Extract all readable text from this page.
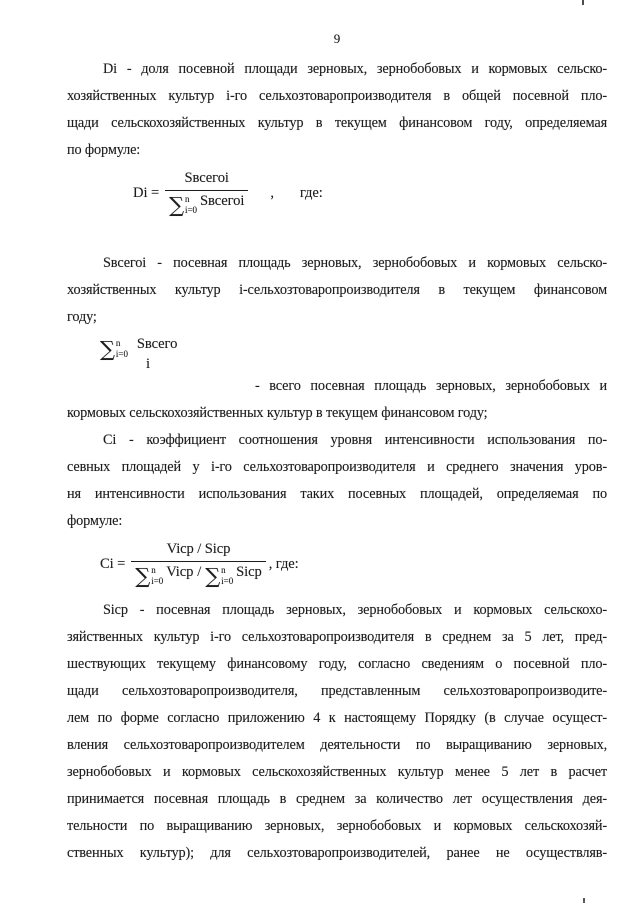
9
Di - доля посевной площади зерновых, зернобобовых и кормовых сельско-
хозяйственных культур i-го сельхозтоваропроизводителя в общей посевной пло-
щади сельскохозяйственных культур в текущем финансовом году, определяемая
по формуле:
Di = Sвсегоi
∑ n
i=0
Sвсегоi , где:
Sвсегоi - посевная площадь зерновых, зернобобовых и кормовых сельско-
хозяйственных культур i-сельхозтоваропроизводителя в текущем финансовом
году;
∑ n
i=0
Sвсего
i
- всего посевная площадь зерновых, зернобобовых и
кормовых сельскохозяйственных культур в текущем финансовом году;
Ci - коэффициент соотношения уровня интенсивности использования по-
севных площадей у i-го сельхозтоваропроизводителя и среднего значения уров-
ня интенсивности использования таких посевных площадей, определяемая по
формуле:
Ci = Viср / Siср
∑ n
i=0
Viср / ∑ n
i=0
Siср , где:
Siср - посевная площадь зерновых, зернобобовых и кормовых сельскохо-
зяйственных культур i-го сельхозтоваропроизводителя в среднем за 5 лет, пред-
шествующих текущему финансовому году, согласно сведениям о посевной пло-
щади сельхозтоваропроизводителя, представленным сельхозтоваропроизводите-
лем по форме согласно приложению 4 к настоящему Порядку (в случае осущест-
вления сельхозтоваропроизводителем деятельности по выращиванию зерновых,
зернобобовых и кормовых сельскохозяйственных культур менее 5 лет в расчет
принимается посевная площадь в среднем за количество лет осуществления дея-
тельности по выращиванию зерновых, зернобобовых и кормовых сельскохозяй-
ственных культур); для сельхозтоваропроизводителей, ранее не осуществляв-
